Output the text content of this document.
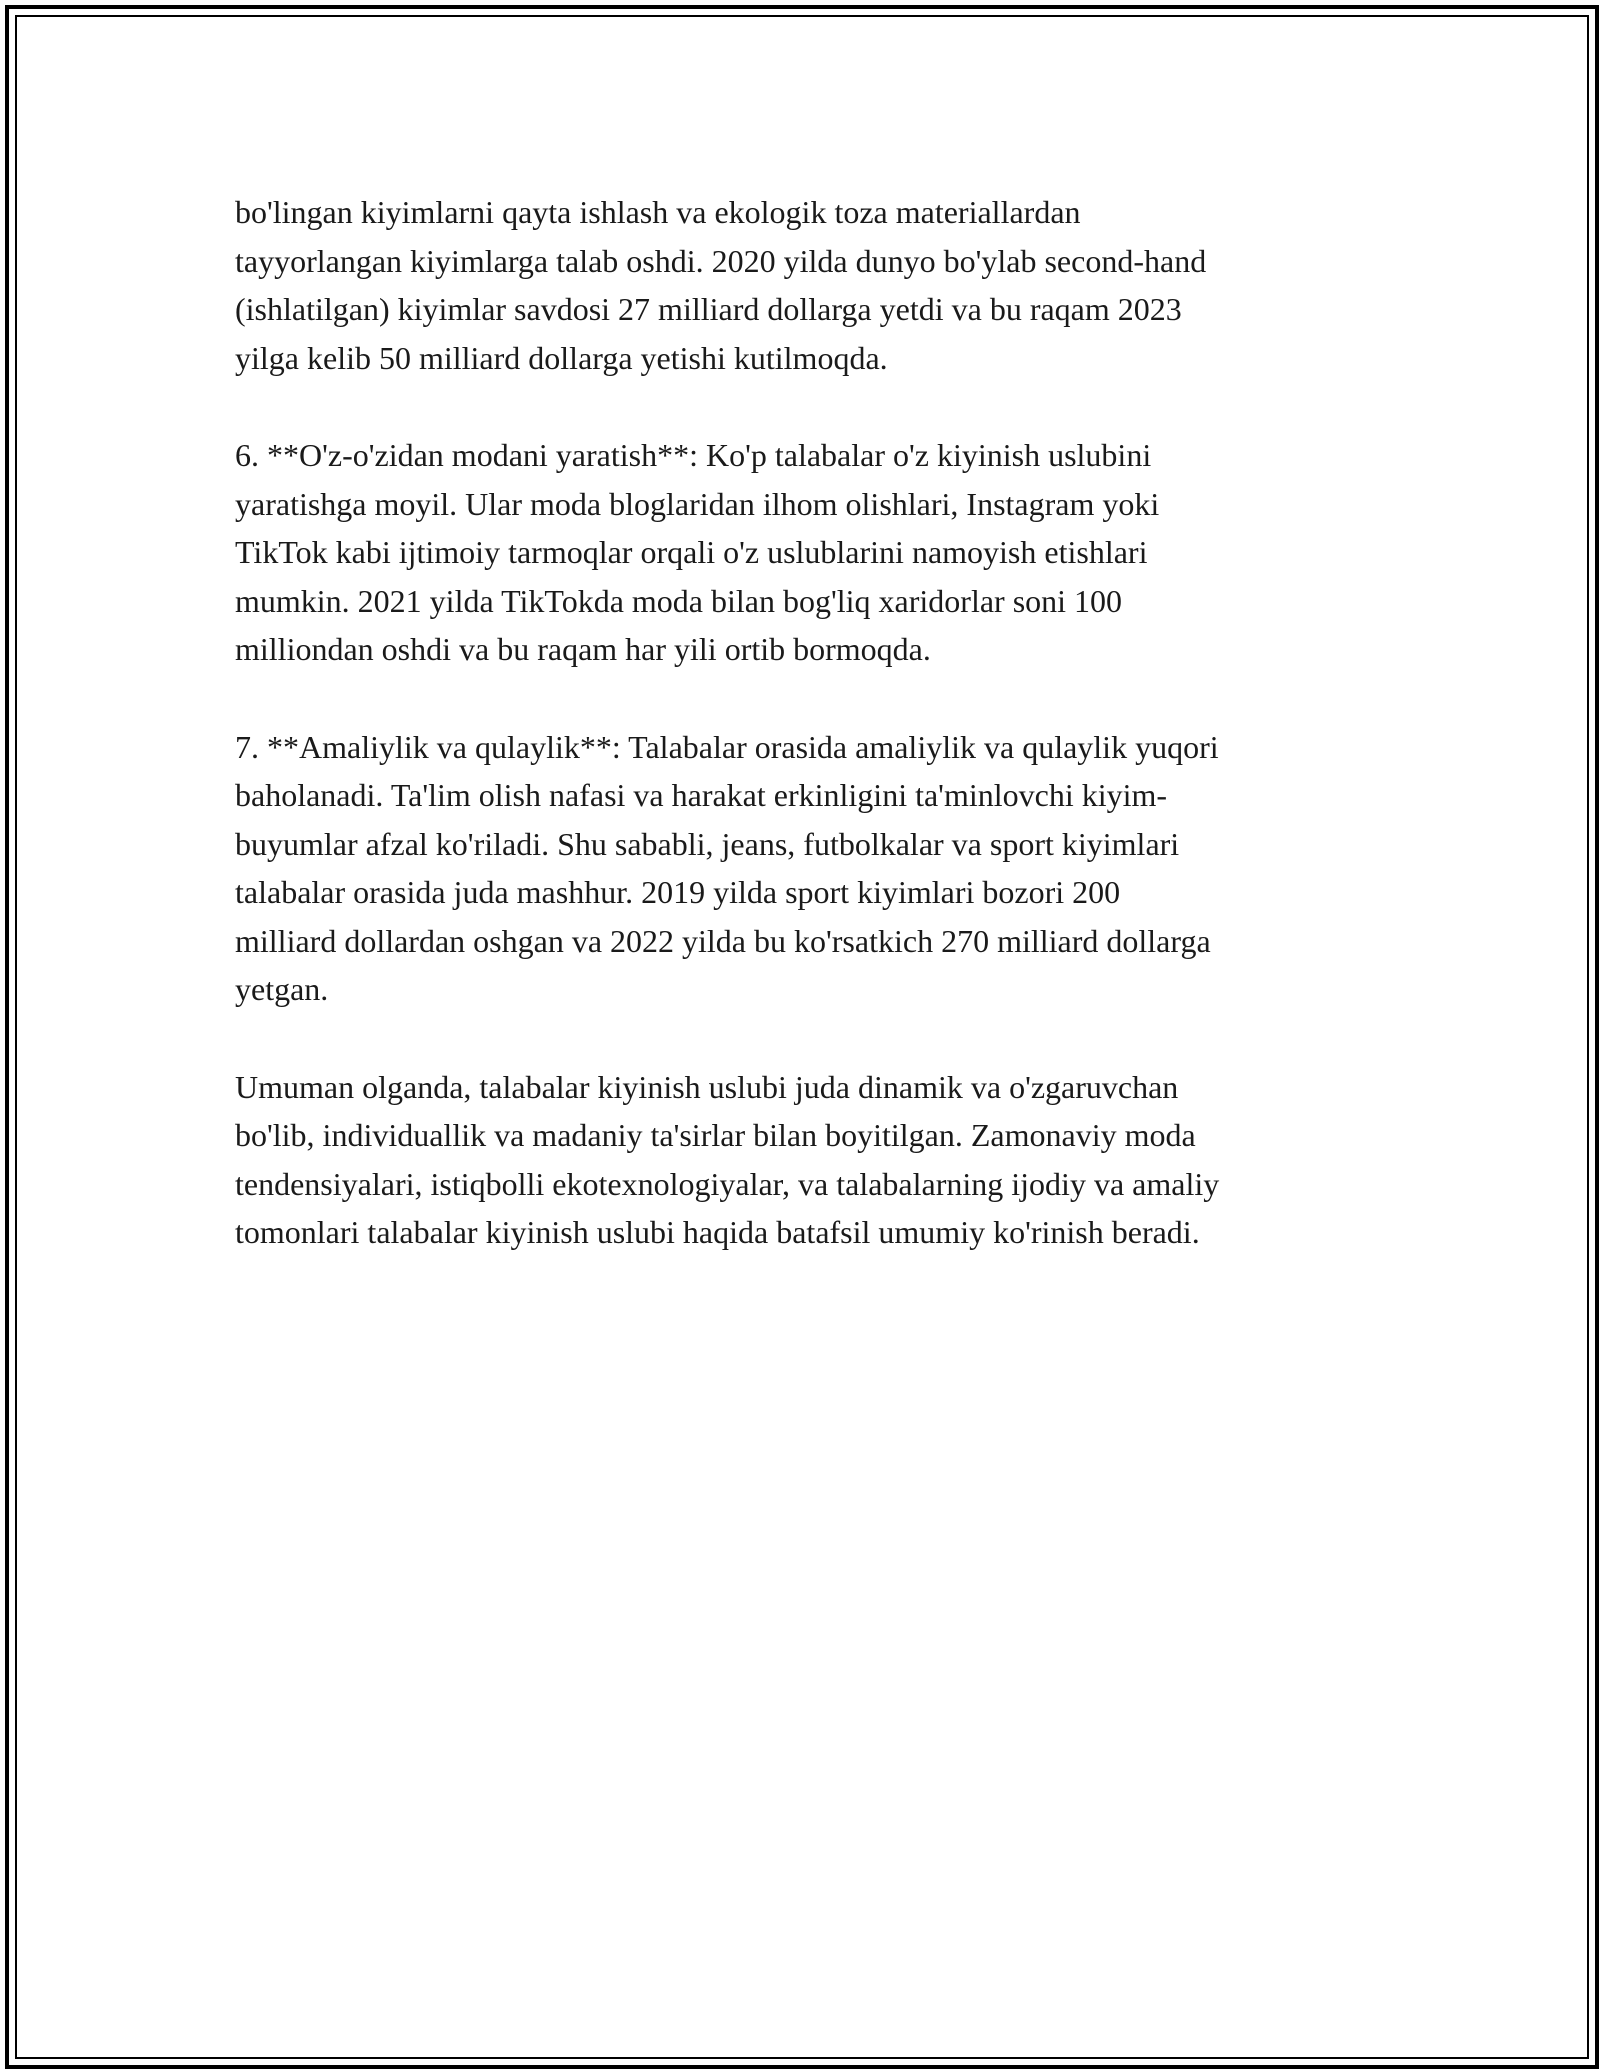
bo'lingan kiyimlarni qayta ishlash va ekologik toza materiallardan
tayyorlangan kiyimlarga talab oshdi. 2020 yilda dunyo bo'ylab second-hand
(ishlatilgan) kiyimlar savdosi 27 milliard dollarga yetdi va bu raqam 2023
yilga kelib 50 milliard dollarga yetishi kutilmoqda.

6. **O'z-o'zidan modani yaratish**: Ko'p talabalar o'z kiyinish uslubini
yaratishga moyil. Ular moda bloglaridan ilhom olishlari, Instagram yoki
TikTok kabi ijtimoiy tarmoqlar orqali o'z uslublarini namoyish etishlari
mumkin. 2021 yilda TikTokda moda bilan bog'liq xaridorlar soni 100
milliondan oshdi va bu raqam har yili ortib bormoqda.

7. **Amaliylik va qulaylik**: Talabalar orasida amaliylik va qulaylik yuqori
baholanadi. Ta'lim olish nafasi va harakat erkinligini ta'minlovchi kiyim-
buyumlar afzal ko'riladi. Shu sababli, jeans, futbolkalar va sport kiyimlari
talabalar orasida juda mashhur. 2019 yilda sport kiyimlari bozori 200
milliard dollardan oshgan va 2022 yilda bu ko'rsatkich 270 milliard dollarga
yetgan.

Umuman olganda, talabalar kiyinish uslubi juda dinamik va o'zgaruvchan
bo'lib, individuallik va madaniy ta'sirlar bilan boyitilgan. Zamonaviy moda
tendensiyalari, istiqbolli ekotexnologiyalar, va talabalarning ijodiy va amaliy
tomonlari talabalar kiyinish uslubi haqida batafsil umumiy ko'rinish beradi.
